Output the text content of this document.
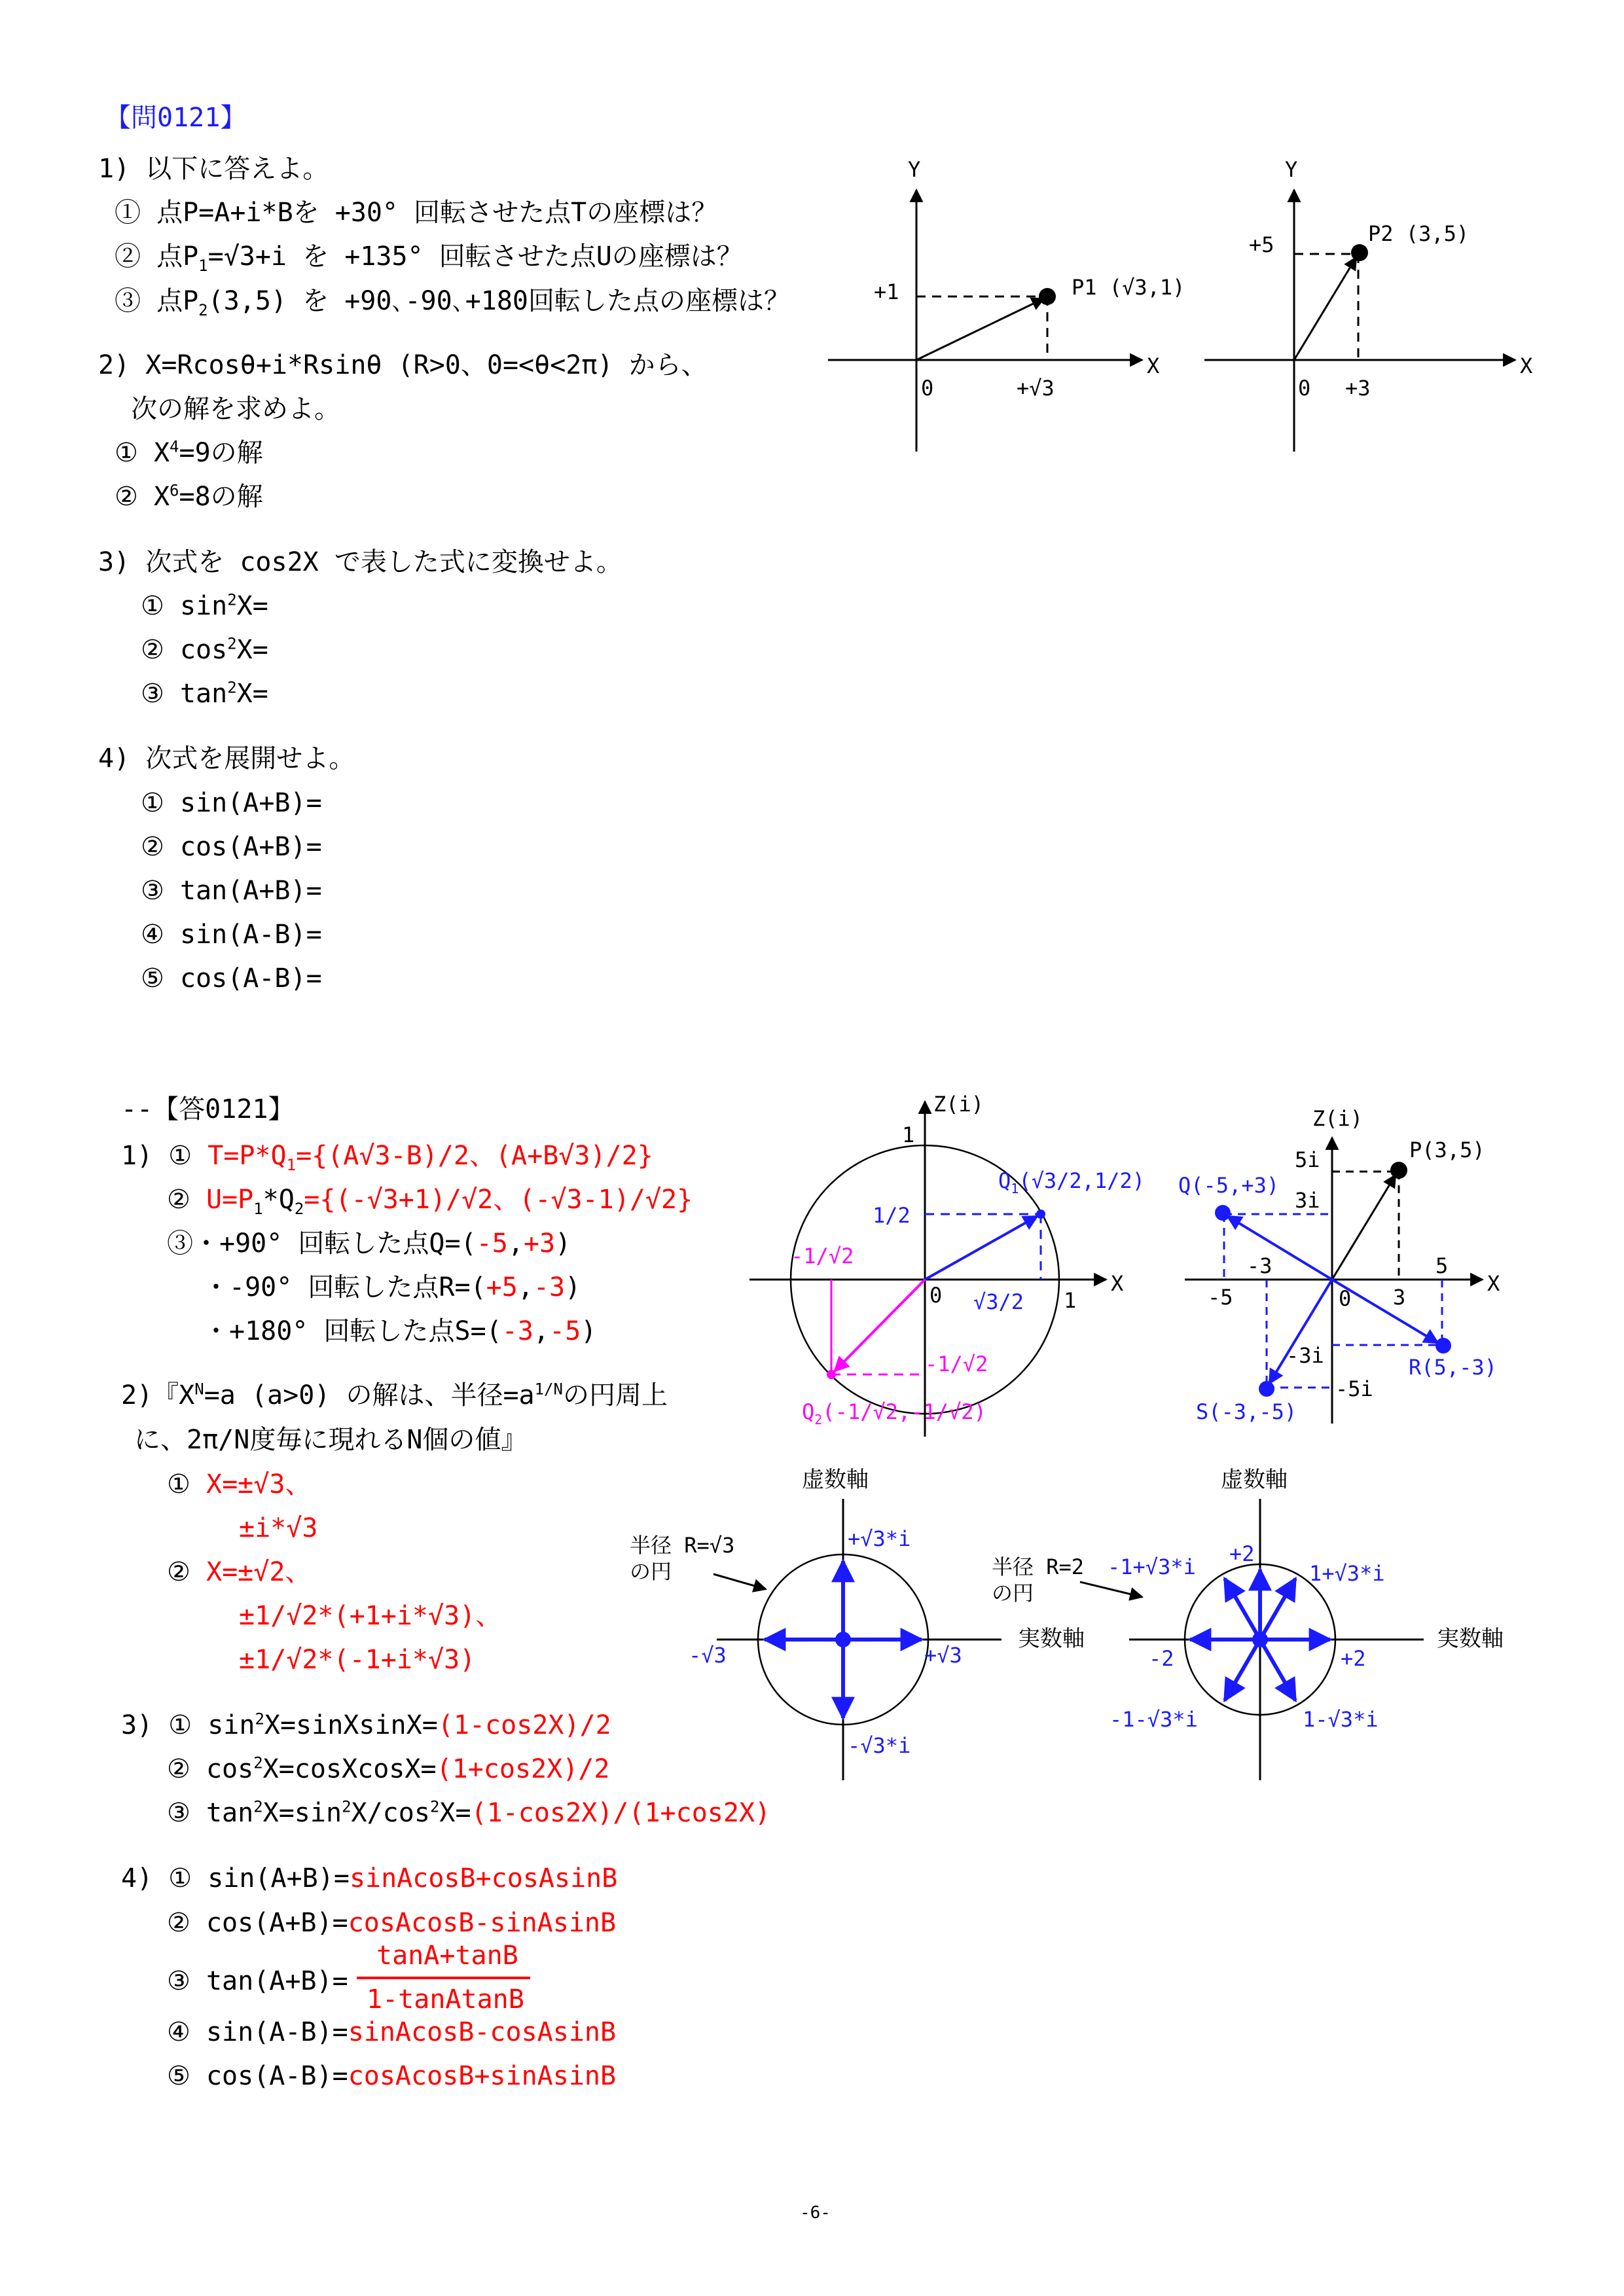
【問0121】
1) 以下に答えよ。
① 点P=A+i*Bを +30° 回転させた点Tの座標は？
② 点$P_1=√3+i$ を +135° 回転させた点Uの座標は？
③ 点$P_2(3,5)$ を +90､-90､+180回転した点の座標は？
2) X=Rcosθ+i*Rsinθ (R>0、0=<θ<2π) から、
次の解を求めよ。
① $X^4=9$の解
② $X^6=8$の解
3) 次式を cos2X で表した式に変換せよ。
① $\sin^2X=$
② $\cos^2X=$
③ $\tan^2X=$
4) 次式を展開せよ。
① sin(A+B)=
② cos(A+B)=
③ tan(A+B)=
④ sin(A-B)=
⑤ cos(A-B)=
--【答0121】
1) ① $T=P*Q_1=\{(A√3-B)/2$、(A+B√3)/2}
② $U=P_1*Q_2=\{(-√3+1)/√2$、(-√3-1)/√2}
③・+90° 回転した点Q=(-5,+3)
・-90° 回転した点R=(+5,-3)
・+180° 回転した点S=(-3,-5)
2)『$X^N=a$ (a>0) の解は、半径$=a^{1/N}$の円周上
に、2π/N度毎に現れるN個の値』
① X=±√3、
±i*√3
② X=±√2、
±1/√2*(+1+i*√3)、
±1/√2*(-1+i*√3)
3) ① $\sin^2X=sinXsinX=(1-\cos 2X)/2$
② $\cos^2X=cosXcosX=(1+\cos 2X)/2$
③ $\tan^2X=\sin^2X/\cos^2X=(1-\cos 2X)/(1+\cos 2X)$
4) ① sin(A+B)=sinAcosB+cosAsinB
② cos(A+B)=cosAcosB-sinAsinB
③ tan(A+B)=
tanA+tanB
1-tanAtanB
④ sin(A-B)=sinAcosB-cosAsinB
⑤ cos(A-B)=cosAcosB+sinAsinB
-6-
Y
X
0
+1
+√3
P1 (√3,1)
Y
X
0
+5
+3
P2 (3,5)
Z(i)
X
1
1
0
1/2
$Q_1(√3/2,1/2)$
√3/2
-1/√2
-1/√2
$Q_2(-1/√2,-1/√2)$
Z(i)
X
P(3,5)
Q(-5,+3)
R(5,-3)
S(-3,-5)
5i
3i
-3
-5	0 3
5
-3i
-5i
虚数軸
実数軸
半径 R=√3
の円
+√3*i
-√3*i
-√3	+√3
虚数軸
実数軸
半径 R=2
の円
+2
-2	+2
-1+√3*i	1+√3*i
-1-√3*i	1-√3*i
